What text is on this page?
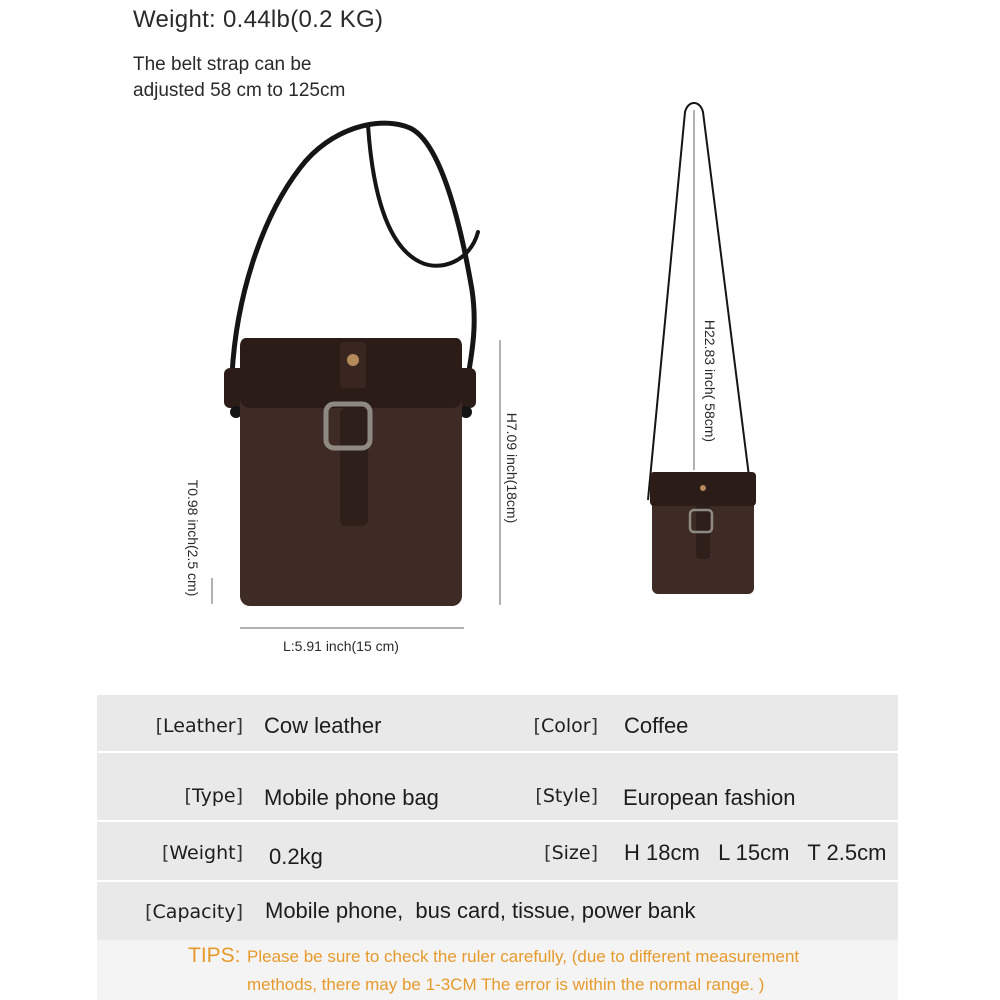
Weight: 0.44lb(0.2 KG)
The belt strap can be
adjusted 58 cm to 125cm
H7.09 inch(18cm)
T0.98 inch(2.5 cm)
L:5.91 inch(15 cm)
H22.83 inch( 58cm)
[Leather] Cow leather	[Color] Coffee
[Type] Mobile phone bag	[Style] European fashion
[Weight] 0.2kg	[Size] H 18cm   L 15cm   T 2.5cm
[Capacity] Mobile phone,  bus card, tissue, power bank
TIPS: Please be sure to check the ruler carefully, (due to different measurement
methods, there may be 1-3CM The error is within the normal range. )
